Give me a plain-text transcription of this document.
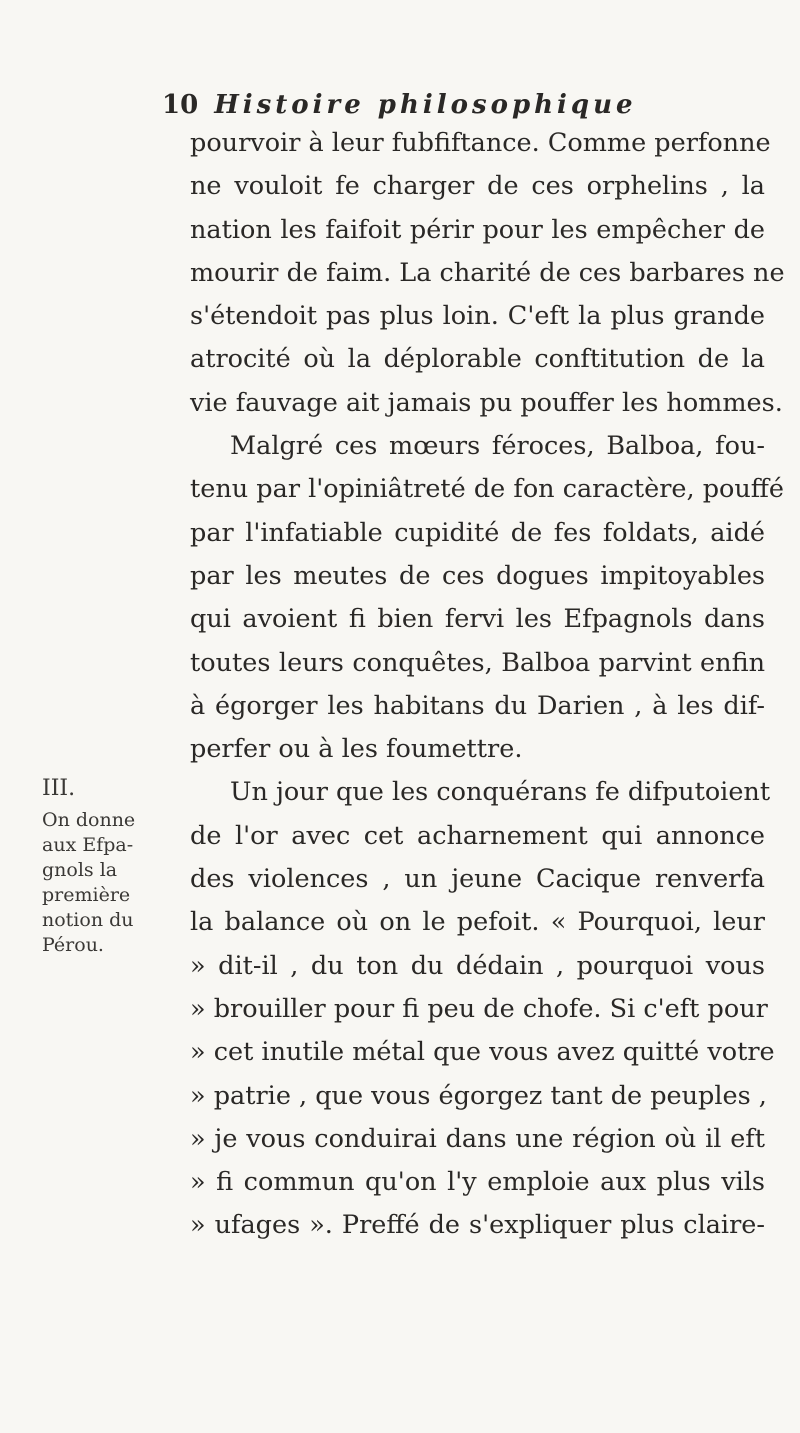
10 Histoire philosophique
pourvoir à leur fubfiftance. Comme perfonne
ne vouloit fe charger de ces orphelins , la
nation les faifoit périr pour les empêcher de
mourir de faim. La charité de ces barbares ne
s'étendoit pas plus loin. C'eft la plus grande
atrocité où la déplorable conftitution de la
vie fauvage ait jamais pu pouffer les hommes.
Malgré ces mœurs féroces, Balboa, fou-
tenu par l'opiniâtreté de fon caractère, pouffé
par l'infatiable cupidité de fes foldats, aidé
par les meutes de ces dogues impitoyables
qui avoient fi bien fervi les Efpagnols dans
toutes leurs conquêtes, Balboa parvint enfin
à égorger les habitans du Darien , à les dif-
perfer ou à les foumettre.
Un jour que les conquérans fe difputoient
de l'or avec cet acharnement qui annonce
des violences , un jeune Cacique renverfa
la balance où on le pefoit. « Pourquoi, leur
» dit-il , du ton du dédain , pourquoi vous
» brouiller pour fi peu de chofe. Si c'eft pour
» cet inutile métal que vous avez quitté votre
» patrie , que vous égorgez tant de peuples ,
» je vous conduirai dans une région où il eft
» fi commun qu'on l'y emploie aux plus vils
» ufages ». Preffé de s'expliquer plus claire-
III.
On donne
aux Efpa-
gnols la
première
notion du
Pérou.
